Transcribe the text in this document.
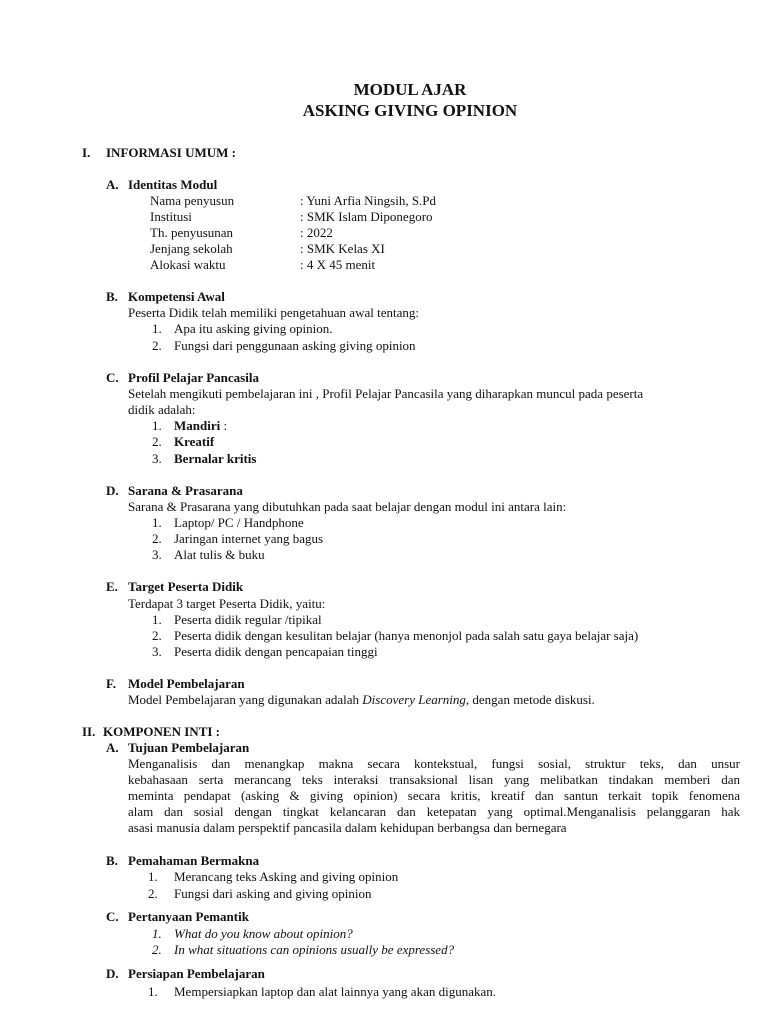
MODUL AJAR
ASKING GIVING OPINION
I. INFORMASI UMUM :
A. Identitas Modul
Nama penyusun	: Yuni Arfia Ningsih, S.Pd
Institusi	: SMK Islam Diponegoro
Th. penyusunan	: 2022
Jenjang sekolah	: SMK Kelas XI
Alokasi waktu	: 4 X 45 menit
B. Kompetensi Awal
Peserta Didik telah memiliki pengetahuan awal tentang:
1. Apa itu asking giving opinion.
2. Fungsi dari penggunaan asking giving opinion
C. Profil Pelajar Pancasila
Setelah mengikuti pembelajaran ini , Profil Pelajar Pancasila yang diharapkan muncul pada peserta
didik adalah:
1. Mandiri :
2. Kreatif
3. Bernalar kritis
D. Sarana & Prasarana
Sarana & Prasarana yang dibutuhkan pada saat belajar dengan modul ini antara lain:
1. Laptop/ PC / Handphone
2. Jaringan internet yang bagus
3. Alat tulis & buku
E. Target Peserta Didik
Terdapat 3 target Peserta Didik, yaitu:
1. Peserta didik regular /tipikal
2. Peserta didik dengan kesulitan belajar (hanya menonjol pada salah satu gaya belajar saja)
3. Peserta didik dengan pencapaian tinggi
F. Model Pembelajaran
Model Pembelajaran yang digunakan adalah Discovery Learning, dengan metode diskusi.
II. KOMPONEN INTI :
A. Tujuan Pembelajaran
Menganalisis dan menangkap makna secara kontekstual, fungsi sosial, struktur teks, dan unsur
kebahasaan serta merancang teks interaksi transaksional lisan yang melibatkan tindakan memberi dan
meminta pendapat (asking & giving opinion) secara kritis, kreatif dan santun terkait topik fenomena
alam dan sosial dengan tingkat kelancaran dan ketepatan yang optimal.Menganalisis pelanggaran hak
asasi manusia dalam perspektif pancasila dalam kehidupan berbangsa dan bernegara
B. Pemahaman Bermakna
1. Merancang teks Asking and giving opinion
2. Fungsi dari asking and giving opinion
C. Pertanyaan Pemantik
1. What do you know about opinion?
2. In what situations can opinions usually be expressed?
D. Persiapan Pembelajaran
1. Mempersiapkan laptop dan alat lainnya yang akan digunakan.
